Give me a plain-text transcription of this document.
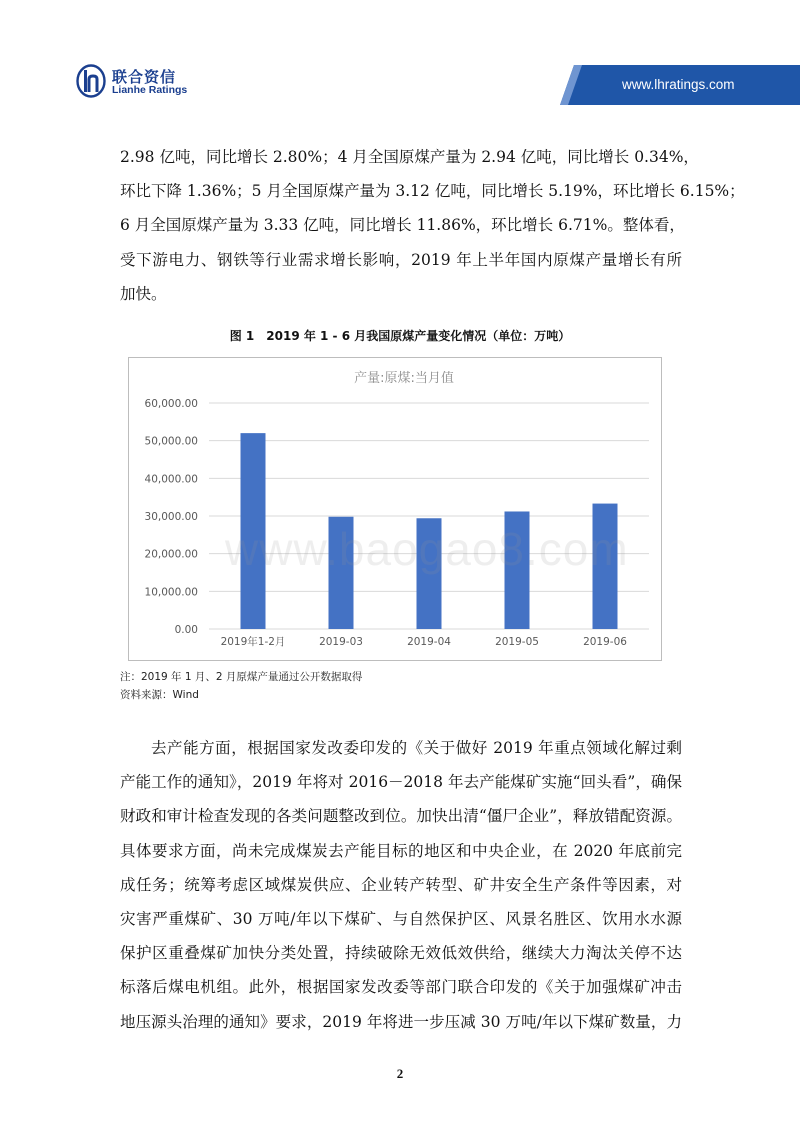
联合资信
Lianhe Ratings	www.lhratings.com
2.98 亿吨，同比增长 2.80%；4 月全国原煤产量为 2.94 亿吨，同比增长 0.34%，
环比下降 1.36%；5 月全国原煤产量为 3.12 亿吨，同比增长 5.19%，环比增长 6.15%；
6 月全国原煤产量为 3.33 亿吨，同比增长 11.86%，环比增长 6.71%。整体看，
受下游电力、钢铁等行业需求增长影响，2019 年上半年国内原煤产量增长有所
加快。
图 1　2019 年 1 - 6 月我国原煤产量变化情况（单位：万吨）
产量:原煤:当月值
0.00
10,000.00
20,000.00
30,000.00
40,000.00
50,000.00
60,000.00
2019年1-2月	2019-03	2019-04	2019-05	2019-06
注：2019 年 1 月、2 月原煤产量通过公开数据取得
资料来源：Wind
去产能方面，根据国家发改委印发的《关于做好 2019 年重点领域化解过剩
产能工作的通知》，2019 年将对 2016－2018 年去产能煤矿实施“回头看”，确保
财政和审计检查发现的各类问题整改到位。加快出清“僵尸企业”，释放错配资源。
具体要求方面，尚未完成煤炭去产能目标的地区和中央企业，在 2020 年底前完
成任务；统筹考虑区域煤炭供应、企业转产转型、矿井安全生产条件等因素，对
灾害严重煤矿、30 万吨/年以下煤矿、与自然保护区、风景名胜区、饮用水水源
保护区重叠煤矿加快分类处置，持续破除无效低效供给，继续大力淘汰关停不达
标落后煤电机组。此外，根据国家发改委等部门联合印发的《关于加强煤矿冲击
地压源头治理的通知》要求，2019 年将进一步压减 30 万吨/年以下煤矿数量，力
2
